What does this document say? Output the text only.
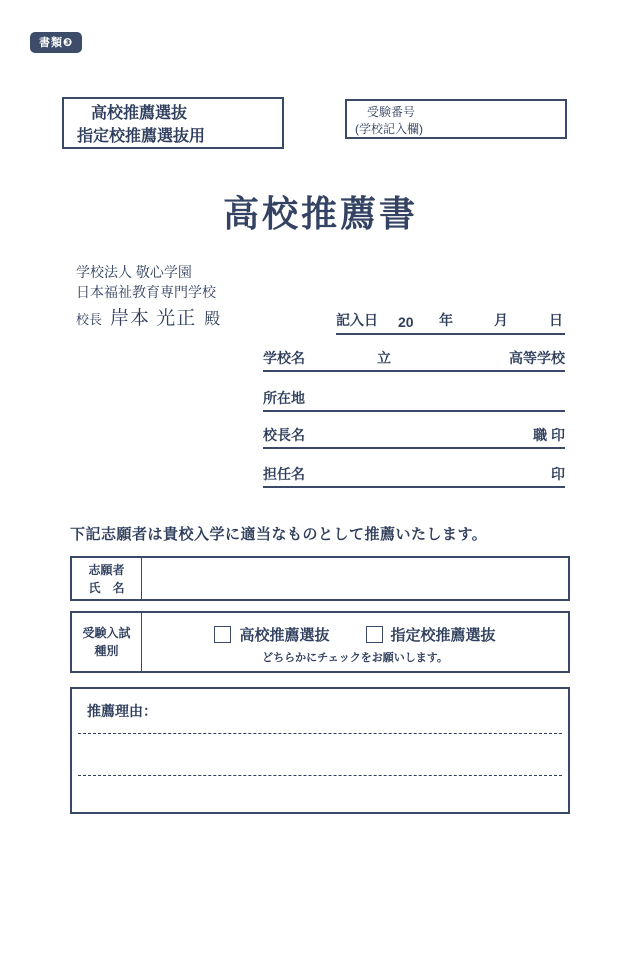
書類❸
高校推薦選抜
指定校推薦選抜用
受験番号
(学校記入欄)
高校推薦書
学校法人 敬心学園
日本福祉教育専門学校
校長 岸本 光正 殿	記入日 20 年	月	日
学校名	立	高等学校
所在地
校長名	職 印
担任名	印
下記志願者は貴校入学に適当なものとして推薦いたします。
志願者
氏　名
受験入試
種別
高校推薦選抜	指定校推薦選抜
どちらかにチェックをお願いします。
推薦理由：
